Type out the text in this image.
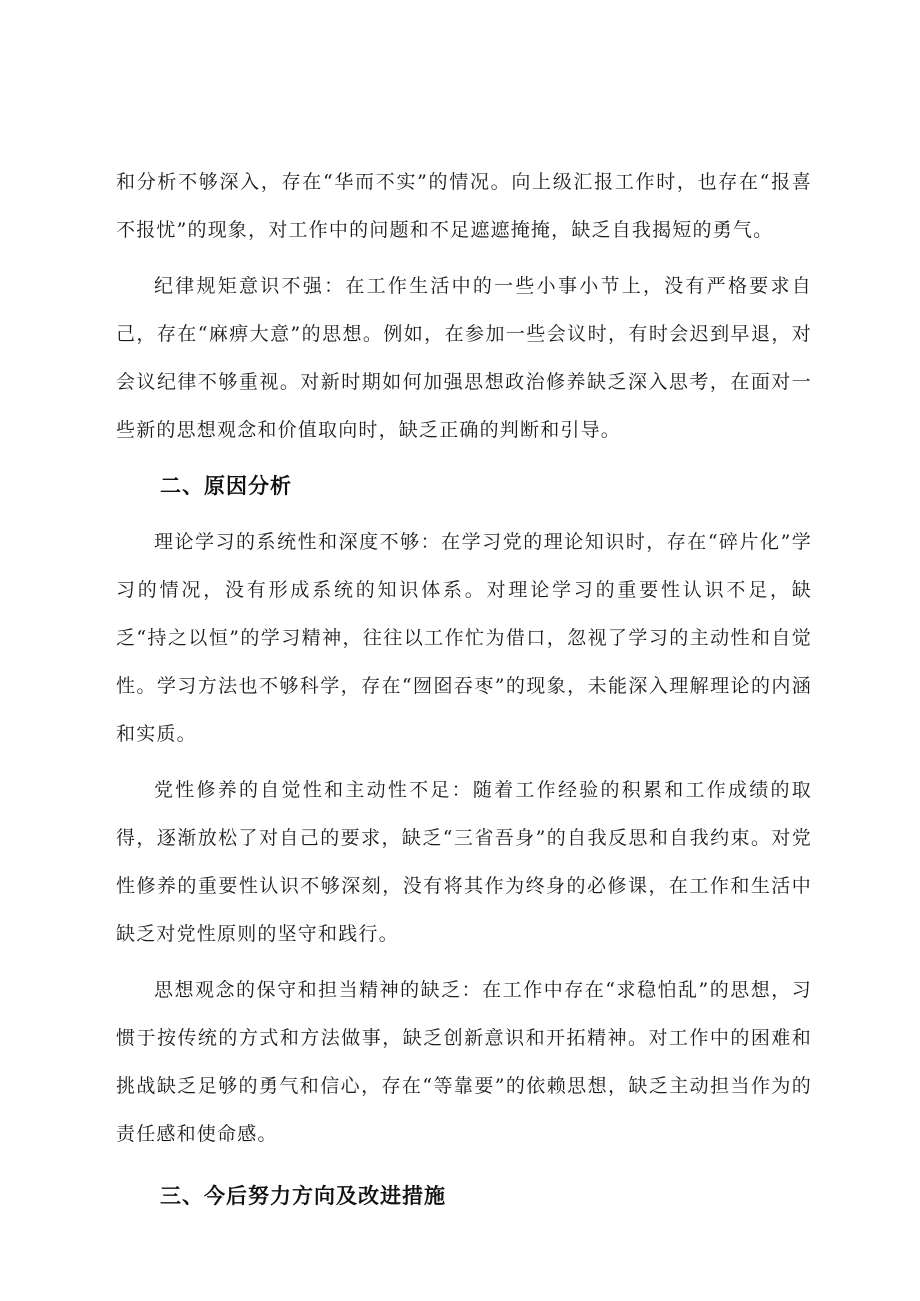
和分析不够深入，存在“华而不实”的情况。向上级汇报工作时，也存在“报喜不报忧”的现象，对工作中的问题和不足遮遮掩掩，缺乏自我揭短的勇气。

纪律规矩意识不强：在工作生活中的一些小事小节上，没有严格要求自己，存在“麻痹大意”的思想。例如，在参加一些会议时，有时会迟到早退，对会议纪律不够重视。对新时期如何加强思想政治修养缺乏深入思考，在面对一些新的思想观念和价值取向时，缺乏正确的判断和引导。

二、原因分析

理论学习的系统性和深度不够：在学习党的理论知识时，存在“碎片化”学习的情况，没有形成系统的知识体系。对理论学习的重要性认识不足，缺乏“持之以恒”的学习精神，往往以工作忙为借口，忽视了学习的主动性和自觉性。学习方法也不够科学，存在“囫囵吞枣”的现象，未能深入理解理论的内涵和实质。

党性修养的自觉性和主动性不足：随着工作经验的积累和工作成绩的取得，逐渐放松了对自己的要求，缺乏“三省吾身”的自我反思和自我约束。对党性修养的重要性认识不够深刻，没有将其作为终身的必修课，在工作和生活中缺乏对党性原则的坚守和践行。

思想观念的保守和担当精神的缺乏：在工作中存在“求稳怕乱”的思想，习惯于按传统的方式和方法做事，缺乏创新意识和开拓精神。对工作中的困难和挑战缺乏足够的勇气和信心，存在“等靠要”的依赖思想，缺乏主动担当作为的责任感和使命感。

三、今后努力方向及改进措施
